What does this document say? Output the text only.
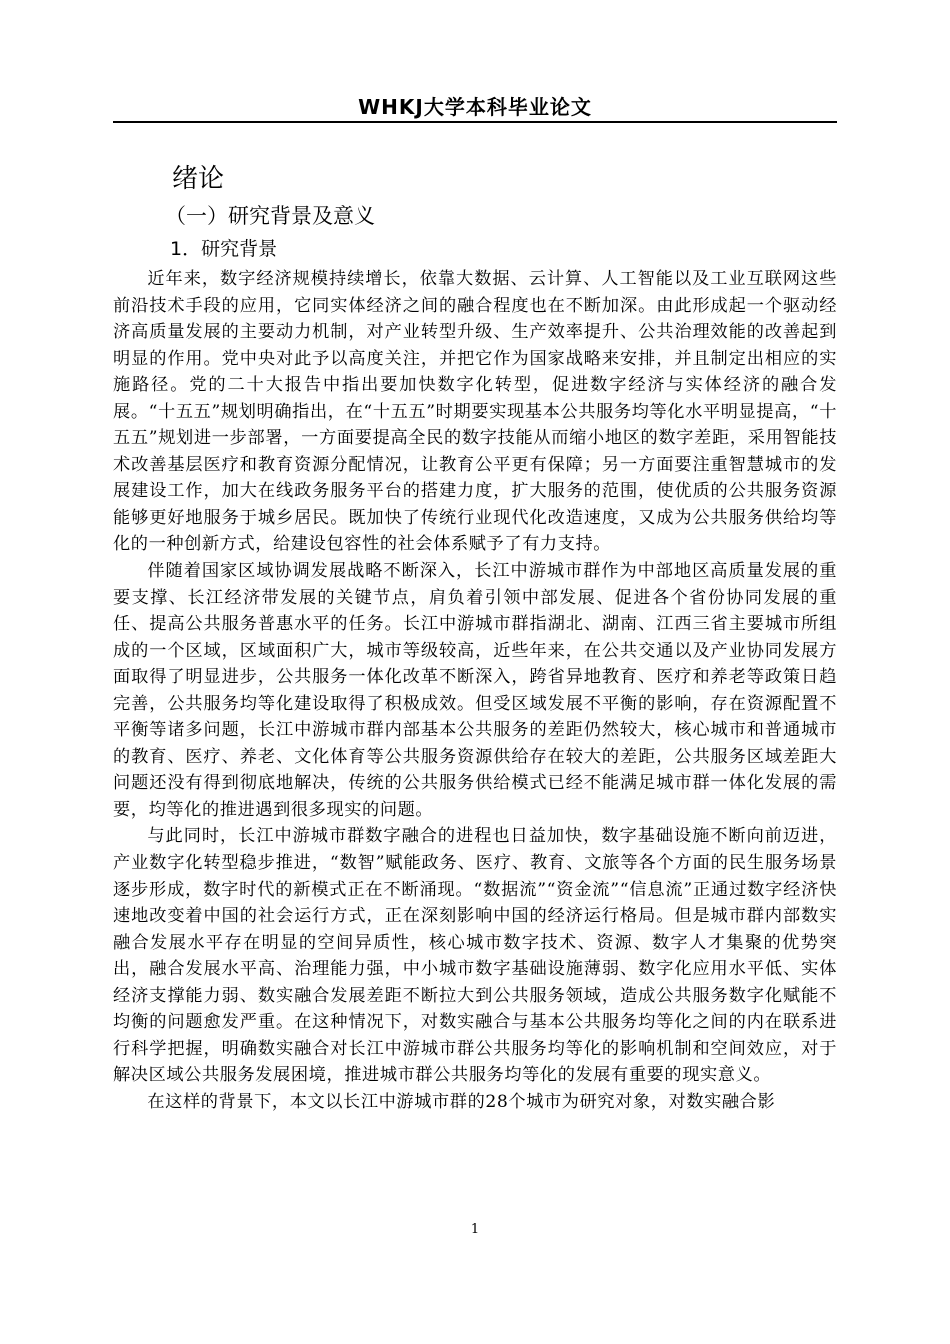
WHKJ大学本科毕业论文
绪论
（一）研究背景及意义
1．研究背景

近年来，数字经济规模持续增长，依靠大数据、云计算、人工智能以及工业互联网这些前沿技术手段的应用，它同实体经济之间的融合程度也在不断加深。由此形成起一个驱动经济高质量发展的主要动力机制，对产业转型升级、生产效率提升、公共治理效能的改善起到明显的作用。党中央对此予以高度关注，并把它作为国家战略来安排，并且制定出相应的实施路径。党的二十大报告中指出要加快数字化转型，促进数字经济与实体经济的融合发展。“十五五”规划明确指出，在“十五五”时期要实现基本公共服务均等化水平明显提高，“十五五”规划进一步部署，一方面要提高全民的数字技能从而缩小地区的数字差距，采用智能技术改善基层医疗和教育资源分配情况，让教育公平更有保障；另一方面要注重智慧城市的发展建设工作，加大在线政务服务平台的搭建力度，扩大服务的范围，使优质的公共服务资源能够更好地服务于城乡居民。既加快了传统行业现代化改造速度，又成为公共服务供给均等化的一种创新方式，给建设包容性的社会体系赋予了有力支持。

伴随着国家区域协调发展战略不断深入，长江中游城市群作为中部地区高质量发展的重要支撑、长江经济带发展的关键节点，肩负着引领中部发展、促进各个省份协同发展的重任、提高公共服务普惠水平的任务。长江中游城市群指湖北、湖南、江西三省主要城市所组成的一个区域，区域面积广大，城市等级较高，近些年来，在公共交通以及产业协同发展方面取得了明显进步，公共服务一体化改革不断深入，跨省异地教育、医疗和养老等政策日趋完善，公共服务均等化建设取得了积极成效。但受区域发展不平衡的影响，存在资源配置不平衡等诸多问题，长江中游城市群内部基本公共服务的差距仍然较大，核心城市和普通城市的教育、医疗、养老、文化体育等公共服务资源供给存在较大的差距，公共服务区域差距大问题还没有得到彻底地解决，传统的公共服务供给模式已经不能满足城市群一体化发展的需要，均等化的推进遇到很多现实的问题。

与此同时，长江中游城市群数字融合的进程也日益加快，数字基础设施不断向前迈进，产业数字化转型稳步推进，“数智”赋能政务、医疗、教育、文旅等各个方面的民生服务场景逐步形成，数字时代的新模式正在不断涌现。“数据流”“资金流”“信息流”正通过数字经济快速地改变着中国的社会运行方式，正在深刻影响中国的经济运行格局。但是城市群内部数实融合发展水平存在明显的空间异质性，核心城市数字技术、资源、数字人才集聚的优势突出，融合发展水平高、治理能力强，中小城市数字基础设施薄弱、数字化应用水平低、实体经济支撑能力弱、数实融合发展差距不断拉大到公共服务领域，造成公共服务数字化赋能不均衡的问题愈发严重。在这种情况下，对数实融合与基本公共服务均等化之间的内在联系进行科学把握，明确数实融合对长江中游城市群公共服务均等化的影响机制和空间效应，对于解决区域公共服务发展困境，推进城市群公共服务均等化的发展有重要的现实意义。

在这样的背景下，本文以长江中游城市群的28个城市为研究对象，对数实融合影

1
